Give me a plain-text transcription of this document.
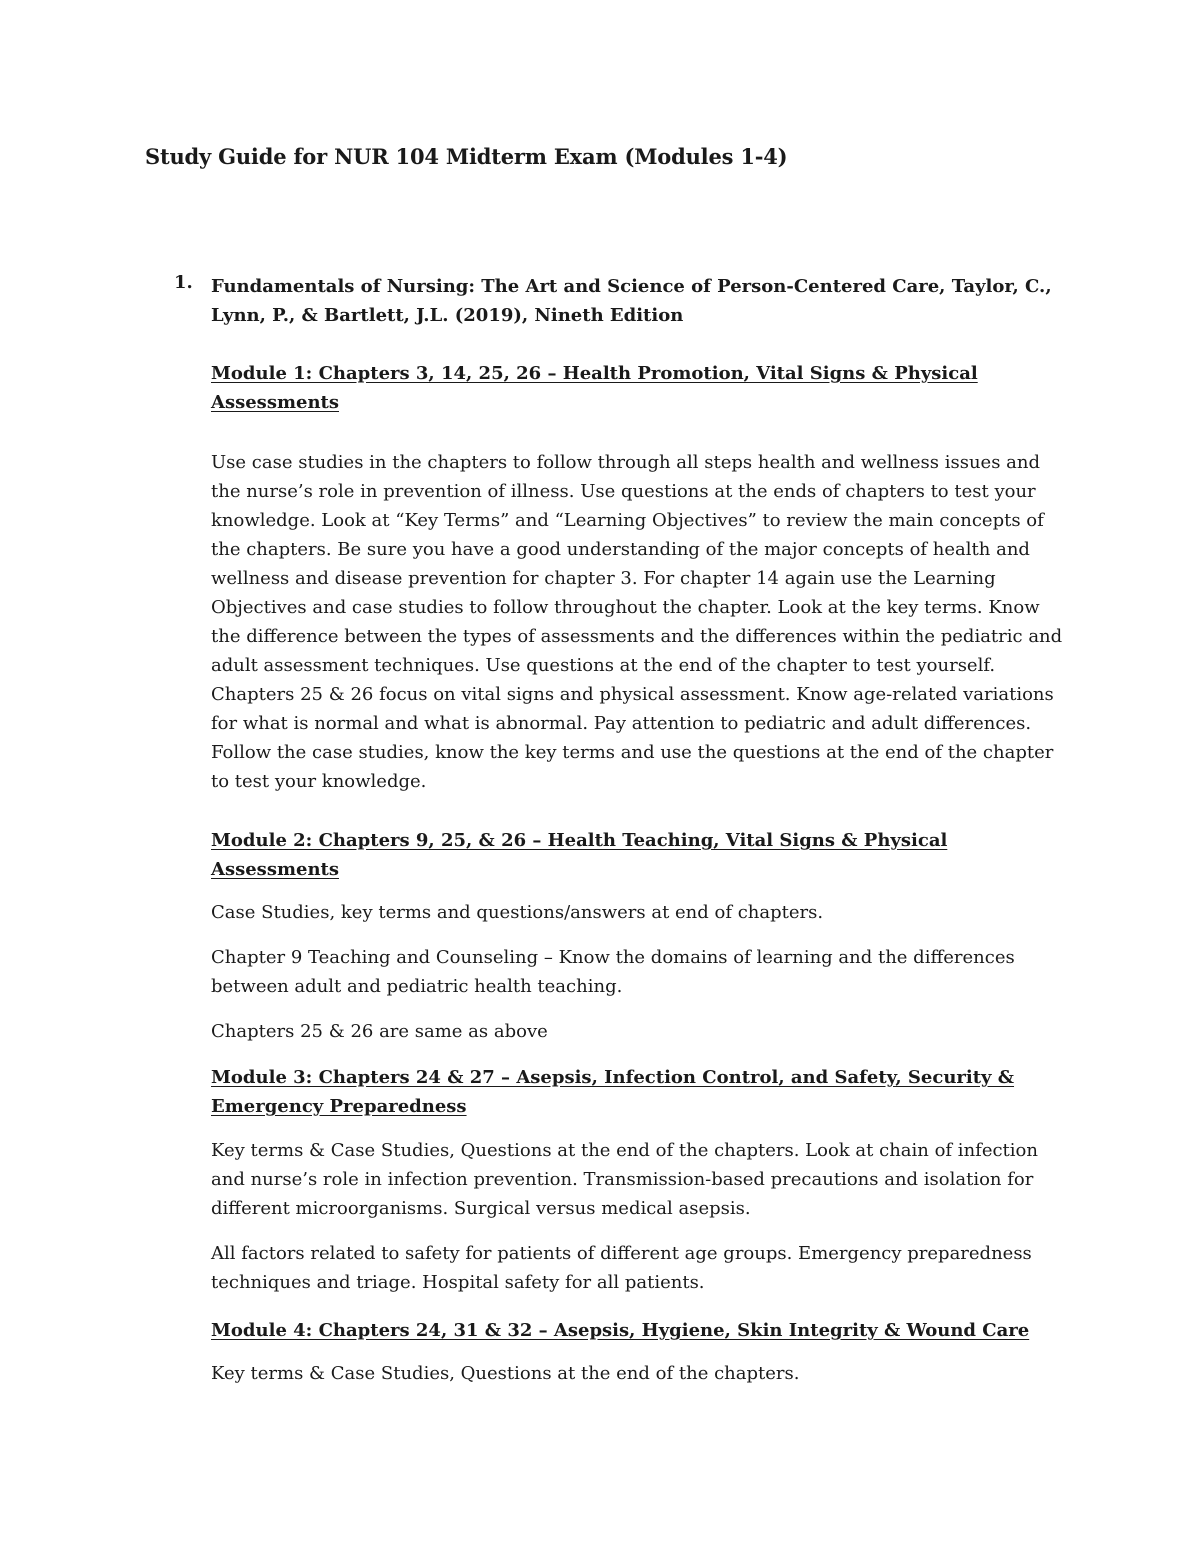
Study Guide for NUR 104 Midterm Exam (Modules 1-4)
1. Fundamentals of Nursing: The Art and Science of Person-Centered Care, Taylor, C., Lynn, P., & Bartlett, J.L. (2019), Nineth Edition

Module 1: Chapters 3, 14, 25, 26 – Health Promotion, Vital Signs & Physical Assessments

Use case studies in the chapters to follow through all steps health and wellness issues and the nurse’s role in prevention of illness. Use questions at the ends of chapters to test your knowledge. Look at “Key Terms” and “Learning Objectives” to review the main concepts of the chapters. Be sure you have a good understanding of the major concepts of health and wellness and disease prevention for chapter 3. For chapter 14 again use the Learning Objectives and case studies to follow throughout the chapter. Look at the key terms. Know the difference between the types of assessments and the differences within the pediatric and adult assessment techniques. Use questions at the end of the chapter to test yourself. Chapters 25 & 26 focus on vital signs and physical assessment. Know age-related variations for what is normal and what is abnormal. Pay attention to pediatric and adult differences. Follow the case studies, know the key terms and use the questions at the end of the chapter to test your knowledge.

Module 2: Chapters 9, 25, & 26 – Health Teaching, Vital Signs & Physical Assessments

Case Studies, key terms and questions/answers at end of chapters.

Chapter 9 Teaching and Counseling – Know the domains of learning and the differences between adult and pediatric health teaching.

Chapters 25 & 26 are same as above

Module 3: Chapters 24 & 27 – Asepsis, Infection Control, and Safety, Security & Emergency Preparedness

Key terms & Case Studies, Questions at the end of the chapters. Look at chain of infection and nurse’s role in infection prevention. Transmission-based precautions and isolation for different microorganisms. Surgical versus medical asepsis.

All factors related to safety for patients of different age groups. Emergency preparedness techniques and triage. Hospital safety for all patients.

Module 4: Chapters 24, 31 & 32 – Asepsis, Hygiene, Skin Integrity & Wound Care

Key terms & Case Studies, Questions at the end of the chapters.
